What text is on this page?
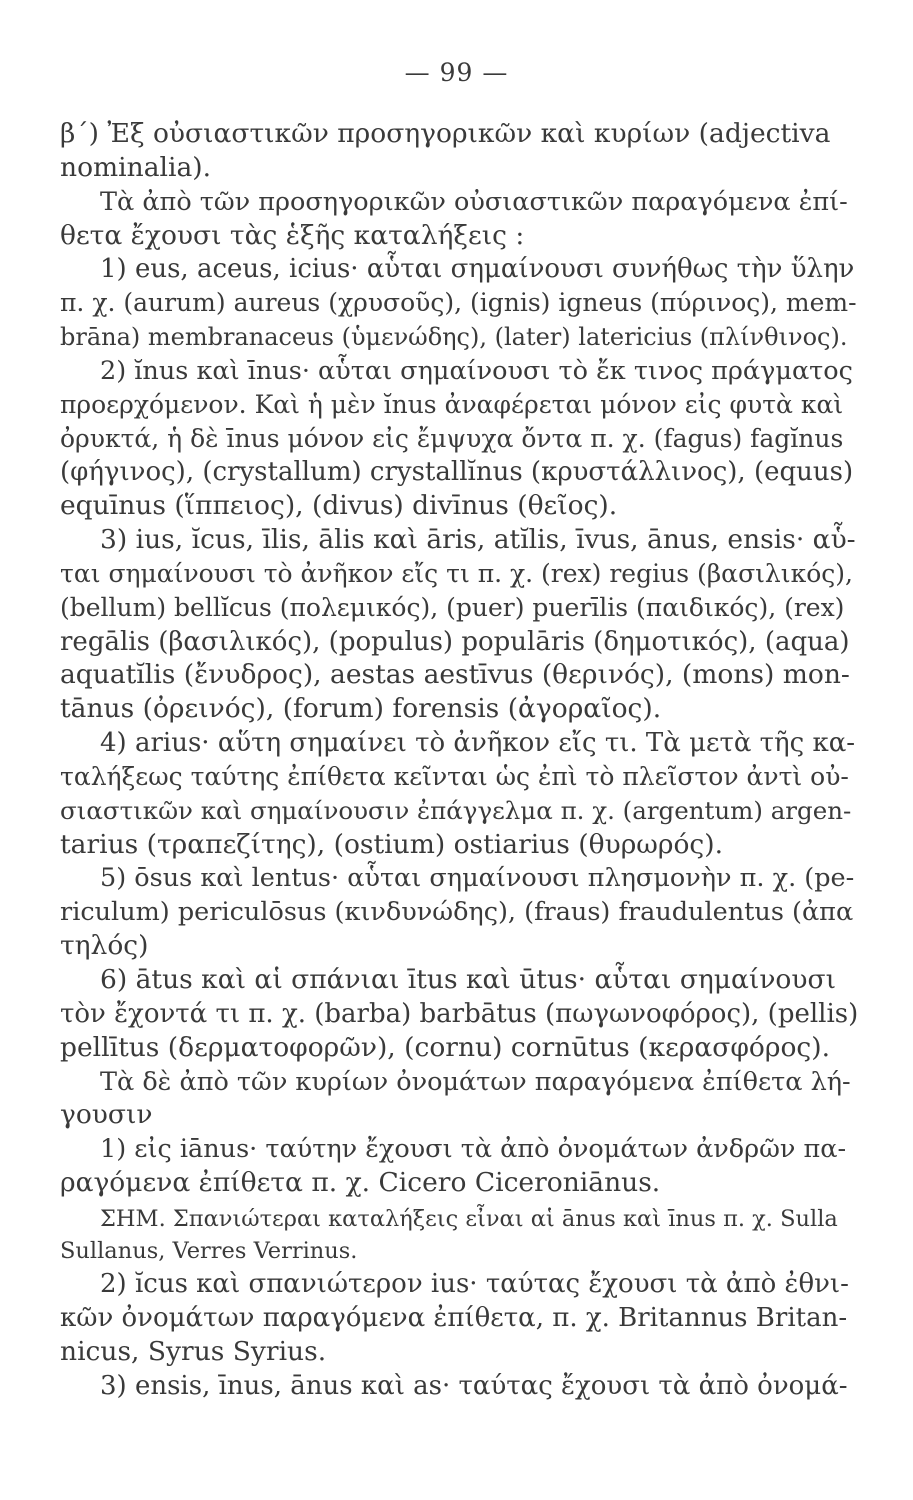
— 99 —
β΄) Ἐξ οὐσιαστικῶν προσηγορικῶν καὶ κυρίων (adjectiva
nominalia).
Τὰ ἀπὸ τῶν προσηγορικῶν οὐσιαστικῶν παραγόμενα ἐπί-
θετα ἔχουσι τὰς ἑξῆς καταλήξεις :
1) eus, aceus, icius· αὗται σημαίνουσι συνήθως τὴν ὕλην
π. χ. (aurum) aureus (χρυσοῦς), (ignis) igneus (πύρινος), mem-
brāna) membranaceus (ὑμενώδης), (later) latericius (πλίνθινος).
2) ĭnus καὶ īnus· αὗται σημαίνουσι τὸ ἔκ τινος πράγματος
προερχόμενον. Καὶ ἡ μὲν ĭnus ἀναφέρεται μόνον εἰς φυτὰ καὶ
ὀρυκτά, ἡ δὲ īnus μόνον εἰς ἔμψυχα ὄντα π. χ. (fagus) fagĭnus
(φήγινος), (crystallum) crystallĭnus (κρυστάλλινος), (equus)
equīnus (ἵππειος), (divus) divīnus (θεῖος).
3) ius, ĭcus, īlis, ālis καὶ āris, atĭlis, īvus, ānus, ensis· αὗ-
ται σημαίνουσι τὸ ἀνῆκον εἴς τι π. χ. (rex) regius (βασιλικός),
(bellum) bellĭcus (πολεμικός), (puer) puerīlis (παιδικός), (rex)
regālis (βασιλικός), (populus) populāris (δημοτικός), (aqua)
aquatĭlis (ἔνυδρος), aestas aestīvus (θερινός), (mons) mon-
tānus (ὀρεινός), (forum) forensis (ἀγοραῖος).
4) arius· αὕτη σημαίνει τὸ ἀνῆκον εἴς τι. Τὰ μετὰ τῆς κα-
ταλήξεως ταύτης ἐπίθετα κεῖνται ὡς ἐπὶ τὸ πλεῖστον ἀντὶ οὐ-
σιαστικῶν καὶ σημαίνουσιν ἐπάγγελμα π. χ. (argentum) argen-
tarius (τραπεζίτης), (ostium) ostiarius (θυρωρός).
5) ōsus καὶ lentus· αὗται σημαίνουσι πλησμονὴν π. χ. (pe-
riculum) periculōsus (κινδυνώδης), (fraus) fraudulentus (ἀπα
τηλός)
6) ātus καὶ αἱ σπάνιαι ītus καὶ ūtus· αὗται σημαίνουσι
τὸν ἔχοντά τι π. χ. (barba) barbātus (πωγωνοφόρος), (pellis)
pellītus (δερματοφορῶν), (cornu) cornūtus (κερασφόρος).
Τὰ δὲ ἀπὸ τῶν κυρίων ὀνομάτων παραγόμενα ἐπίθετα λή-
γουσιν
1) εἰς iānus· ταύτην ἔχουσι τὰ ἀπὸ ὀνομάτων ἀνδρῶν πα-
ραγόμενα ἐπίθετα π. χ. Cicero Ciceroniānus.
ΣΗΜ. Σπανιώτεραι καταλήξεις εἶναι αἱ ānus καὶ īnus π. χ. Sulla
Sullanus, Verres Verrinus.
2) ĭcus καὶ σπανιώτερον ius· ταύτας ἔχουσι τὰ ἀπὸ ἐθνι-
κῶν ὀνομάτων παραγόμενα ἐπίθετα, π. χ. Britannus Britan-
nicus, Syrus Syrius.
3) ensis, īnus, ānus καὶ as· ταύτας ἔχουσι τὰ ἀπὸ ὀνομά-
